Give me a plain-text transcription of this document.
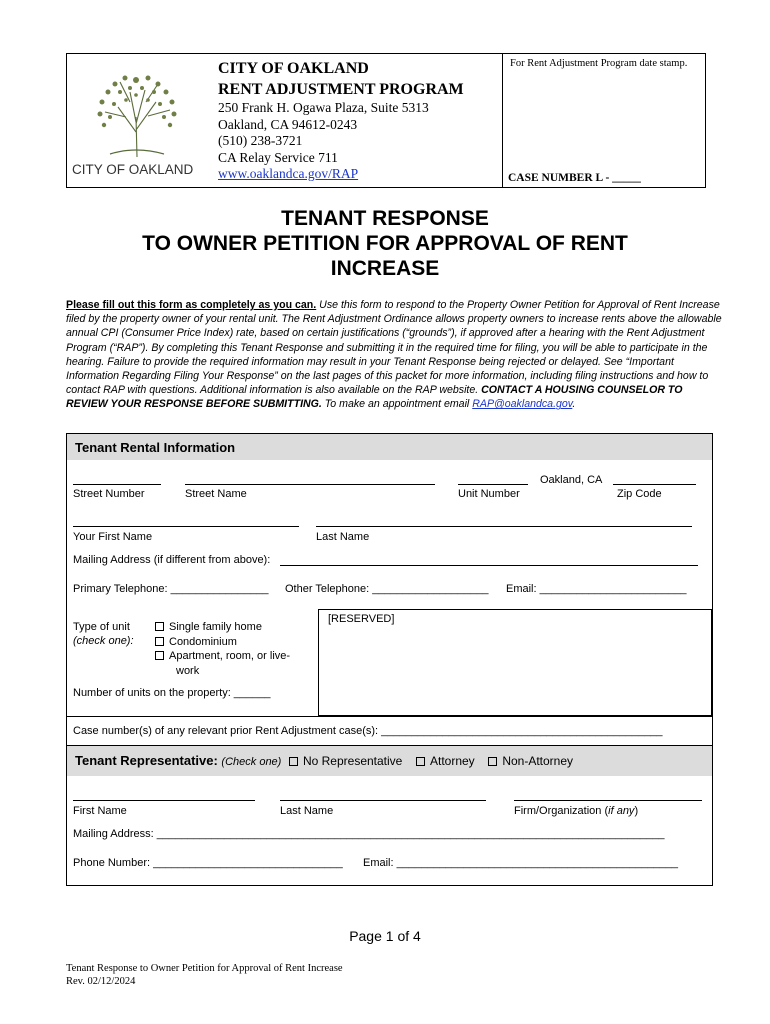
CITY OF OAKLAND
CITY OF OAKLAND
RENT ADJUSTMENT PROGRAM
250 Frank H. Ogawa Plaza, Suite 5313
Oakland, CA 94612-0243
(510) 238-3721
CA Relay Service 711
www.oaklandca.gov/RAP
For Rent Adjustment Program date stamp.
CASE NUMBER L - _____
TENANT RESPONSE
TO OWNER PETITION FOR APPROVAL OF RENT
INCREASE
Please fill out this form as completely as you can. Use this form to respond to the Property Owner Petition for Approval of Rent Increase filed by the property owner of your rental unit. The Rent Adjustment Ordinance allows property owners to increase rents above the allowable annual CPI (Consumer Price Index) rate, based on certain justifications (“grounds”), if approved after a hearing with the Rent Adjustment Program (“RAP”). By completing this Tenant Response and submitting it in the required time for filing, you will be able to participate in the hearing. Failure to provide the required information may result in your Tenant Response being rejected or delayed. See “Important Information Regarding Filing Your Response” on the last pages of this packet for more information, including filing instructions and how to contact RAP with questions. Additional information is also available on the RAP website. CONTACT A HOUSING COUNSELOR TO REVIEW YOUR RESPONSE BEFORE SUBMITTING. To make an appointment email RAP@oaklandca.gov.
Tenant Rental Information
Oakland, CA
Street Number	Street Name	Unit Number	Zip Code
Your First Name	Last Name
Mailing Address (if different from above):
Primary Telephone: ________________ Other Telephone: ___________________ Email: ________________________
Type of unit
(check one):
Single family home
Condominium
Apartment, room, or live-
work
[RESERVED]
Number of units on the property: ______
Case number(s) of any relevant prior Rent Adjustment case(s): ______________________________________________
Tenant Representative: (Check one) No Representative Attorney Non-Attorney
First Name	Last Name	Firm/Organization (if any)
Mailing Address: ___________________________________________________________________________________
Phone Number: _______________________________ Email: ______________________________________________
Page 1 of 4
Tenant Response to Owner Petition for Approval of Rent Increase
Rev. 02/12/2024
